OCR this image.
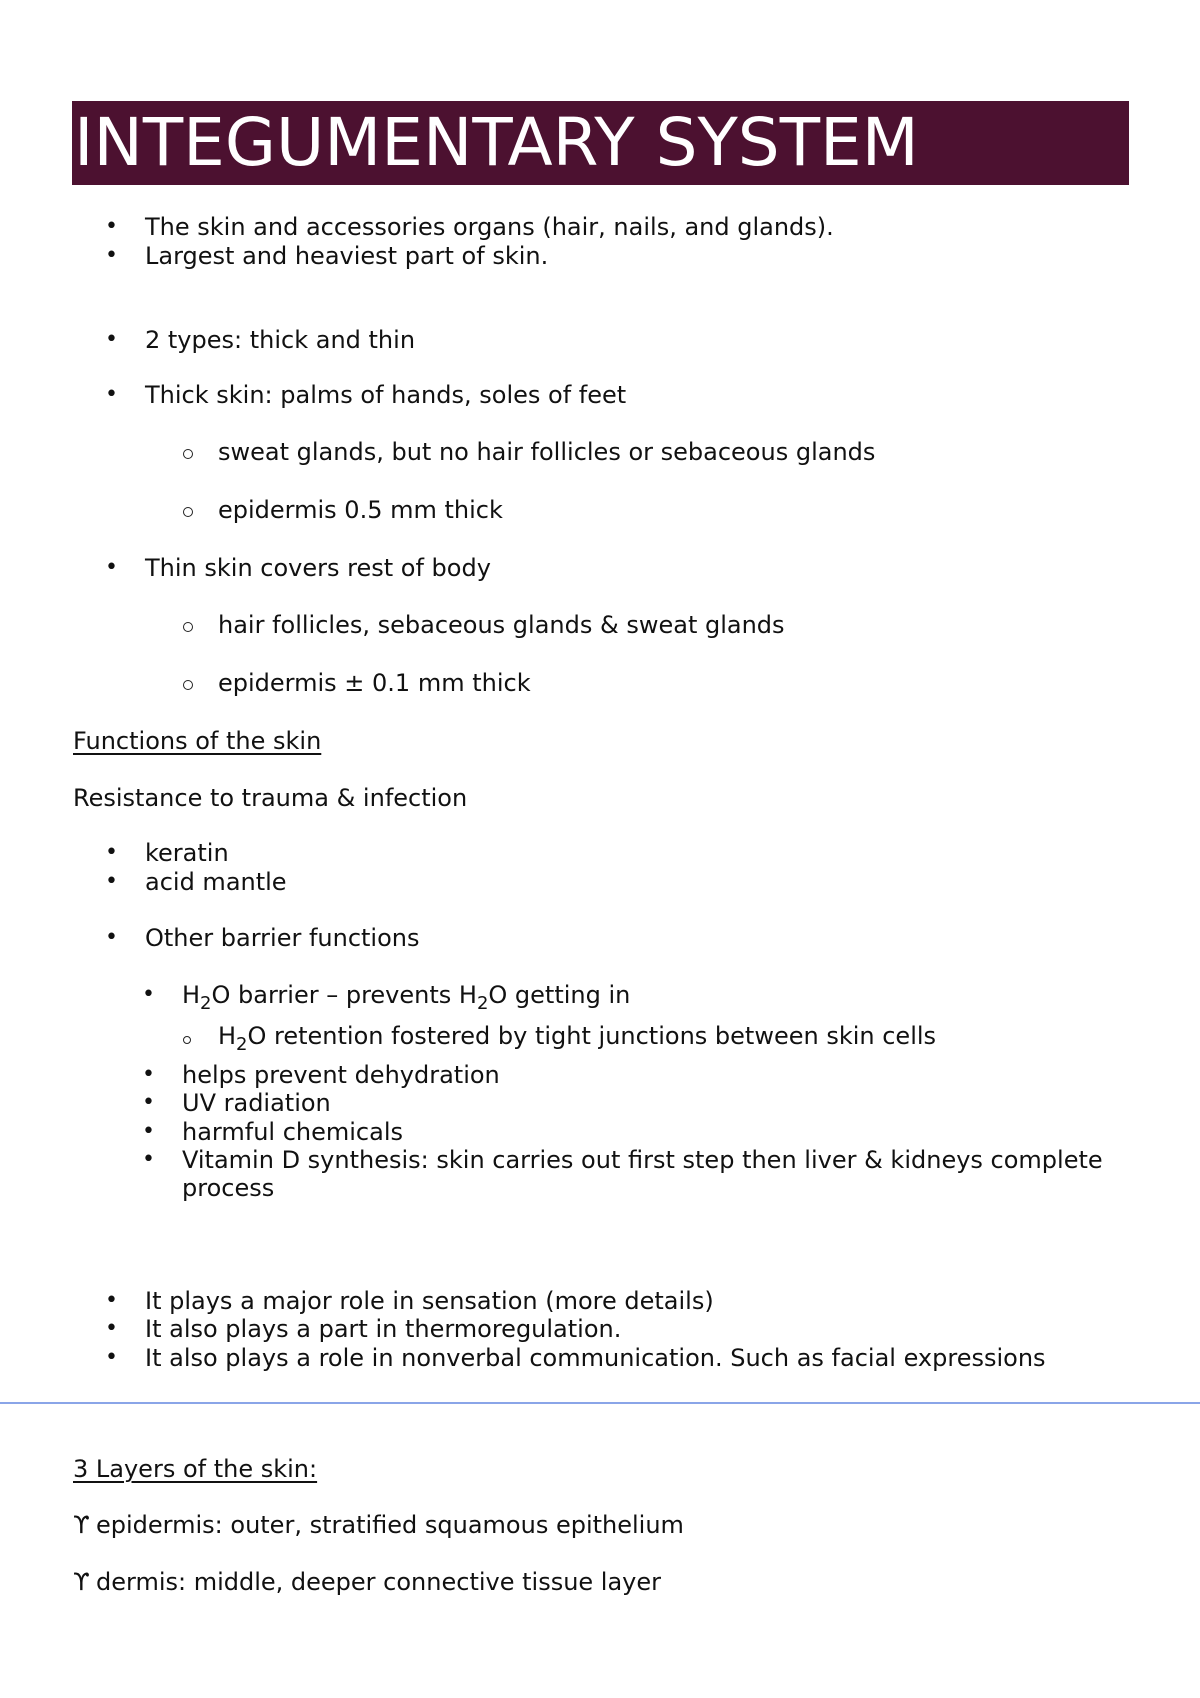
INTEGUMENTARY SYSTEM
• The skin and accessories organs (hair, nails, and glands).
• Largest and heaviest part of skin.
• 2 types: thick and thin
• Thick skin: palms of hands, soles of feet
sweat glands, but no hair follicles or sebaceous glands
epidermis 0.5 mm thick
• Thin skin covers rest of body
hair follicles, sebaceous glands & sweat glands
epidermis ± 0.1 mm thick
Functions of the skin
Resistance to trauma & infection
• keratin
• acid mantle
• Other barrier functions
• $H_2O$ barrier – prevents $H_2O$ getting in
$H_2O$ retention fostered by tight junctions between skin cells
• helps prevent dehydration
• UV radiation
• harmful chemicals
• Vitamin D synthesis: skin carries out first step then liver & kidneys complete
process
• It plays a major role in sensation (more details)
• It also plays a part in thermoregulation.
• It also plays a role in nonverbal communication. Such as facial expressions
3 Layers of the skin:
ϒ epidermis: outer, stratified squamous epithelium
ϒ dermis: middle, deeper connective tissue layer
